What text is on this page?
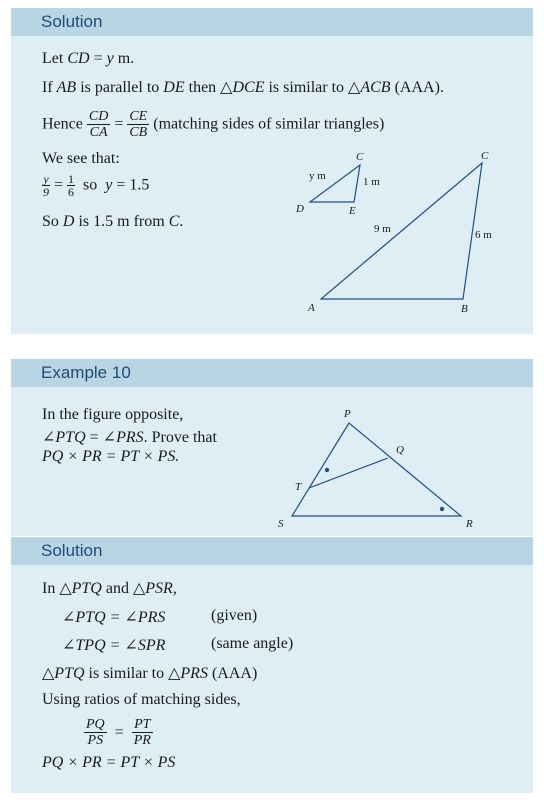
Solution
Let CD = y m.
If AB is parallel to DE then △DCE is similar to △ACB (AAA).
Hence $\frac{CD}{CA} = \frac{CE}{CB}$ (matching sides of similar triangles)
We see that:
$\frac{y}{9} = \frac{1}{6}$ so  y = 1.5
So D is 1.5 m from C.
C
y m	1 m
D	E
C
9 m	6 m
A	B
Example 10
In the figure opposite,
∠PTQ = ∠PRS. Prove that
PQ × PR = PT × PS.
P
Q
T
S	R
Solution
In △PTQ and △PSR,
∠PTQ = ∠PRS	(given)
∠TPQ = ∠SPR	(same angle)
△PTQ is similar to △PRS (AAA)
Using ratios of matching sides,
$\frac{PQ}{PS} = \frac{PT}{PR}$
PQ × PR = PT × PS
